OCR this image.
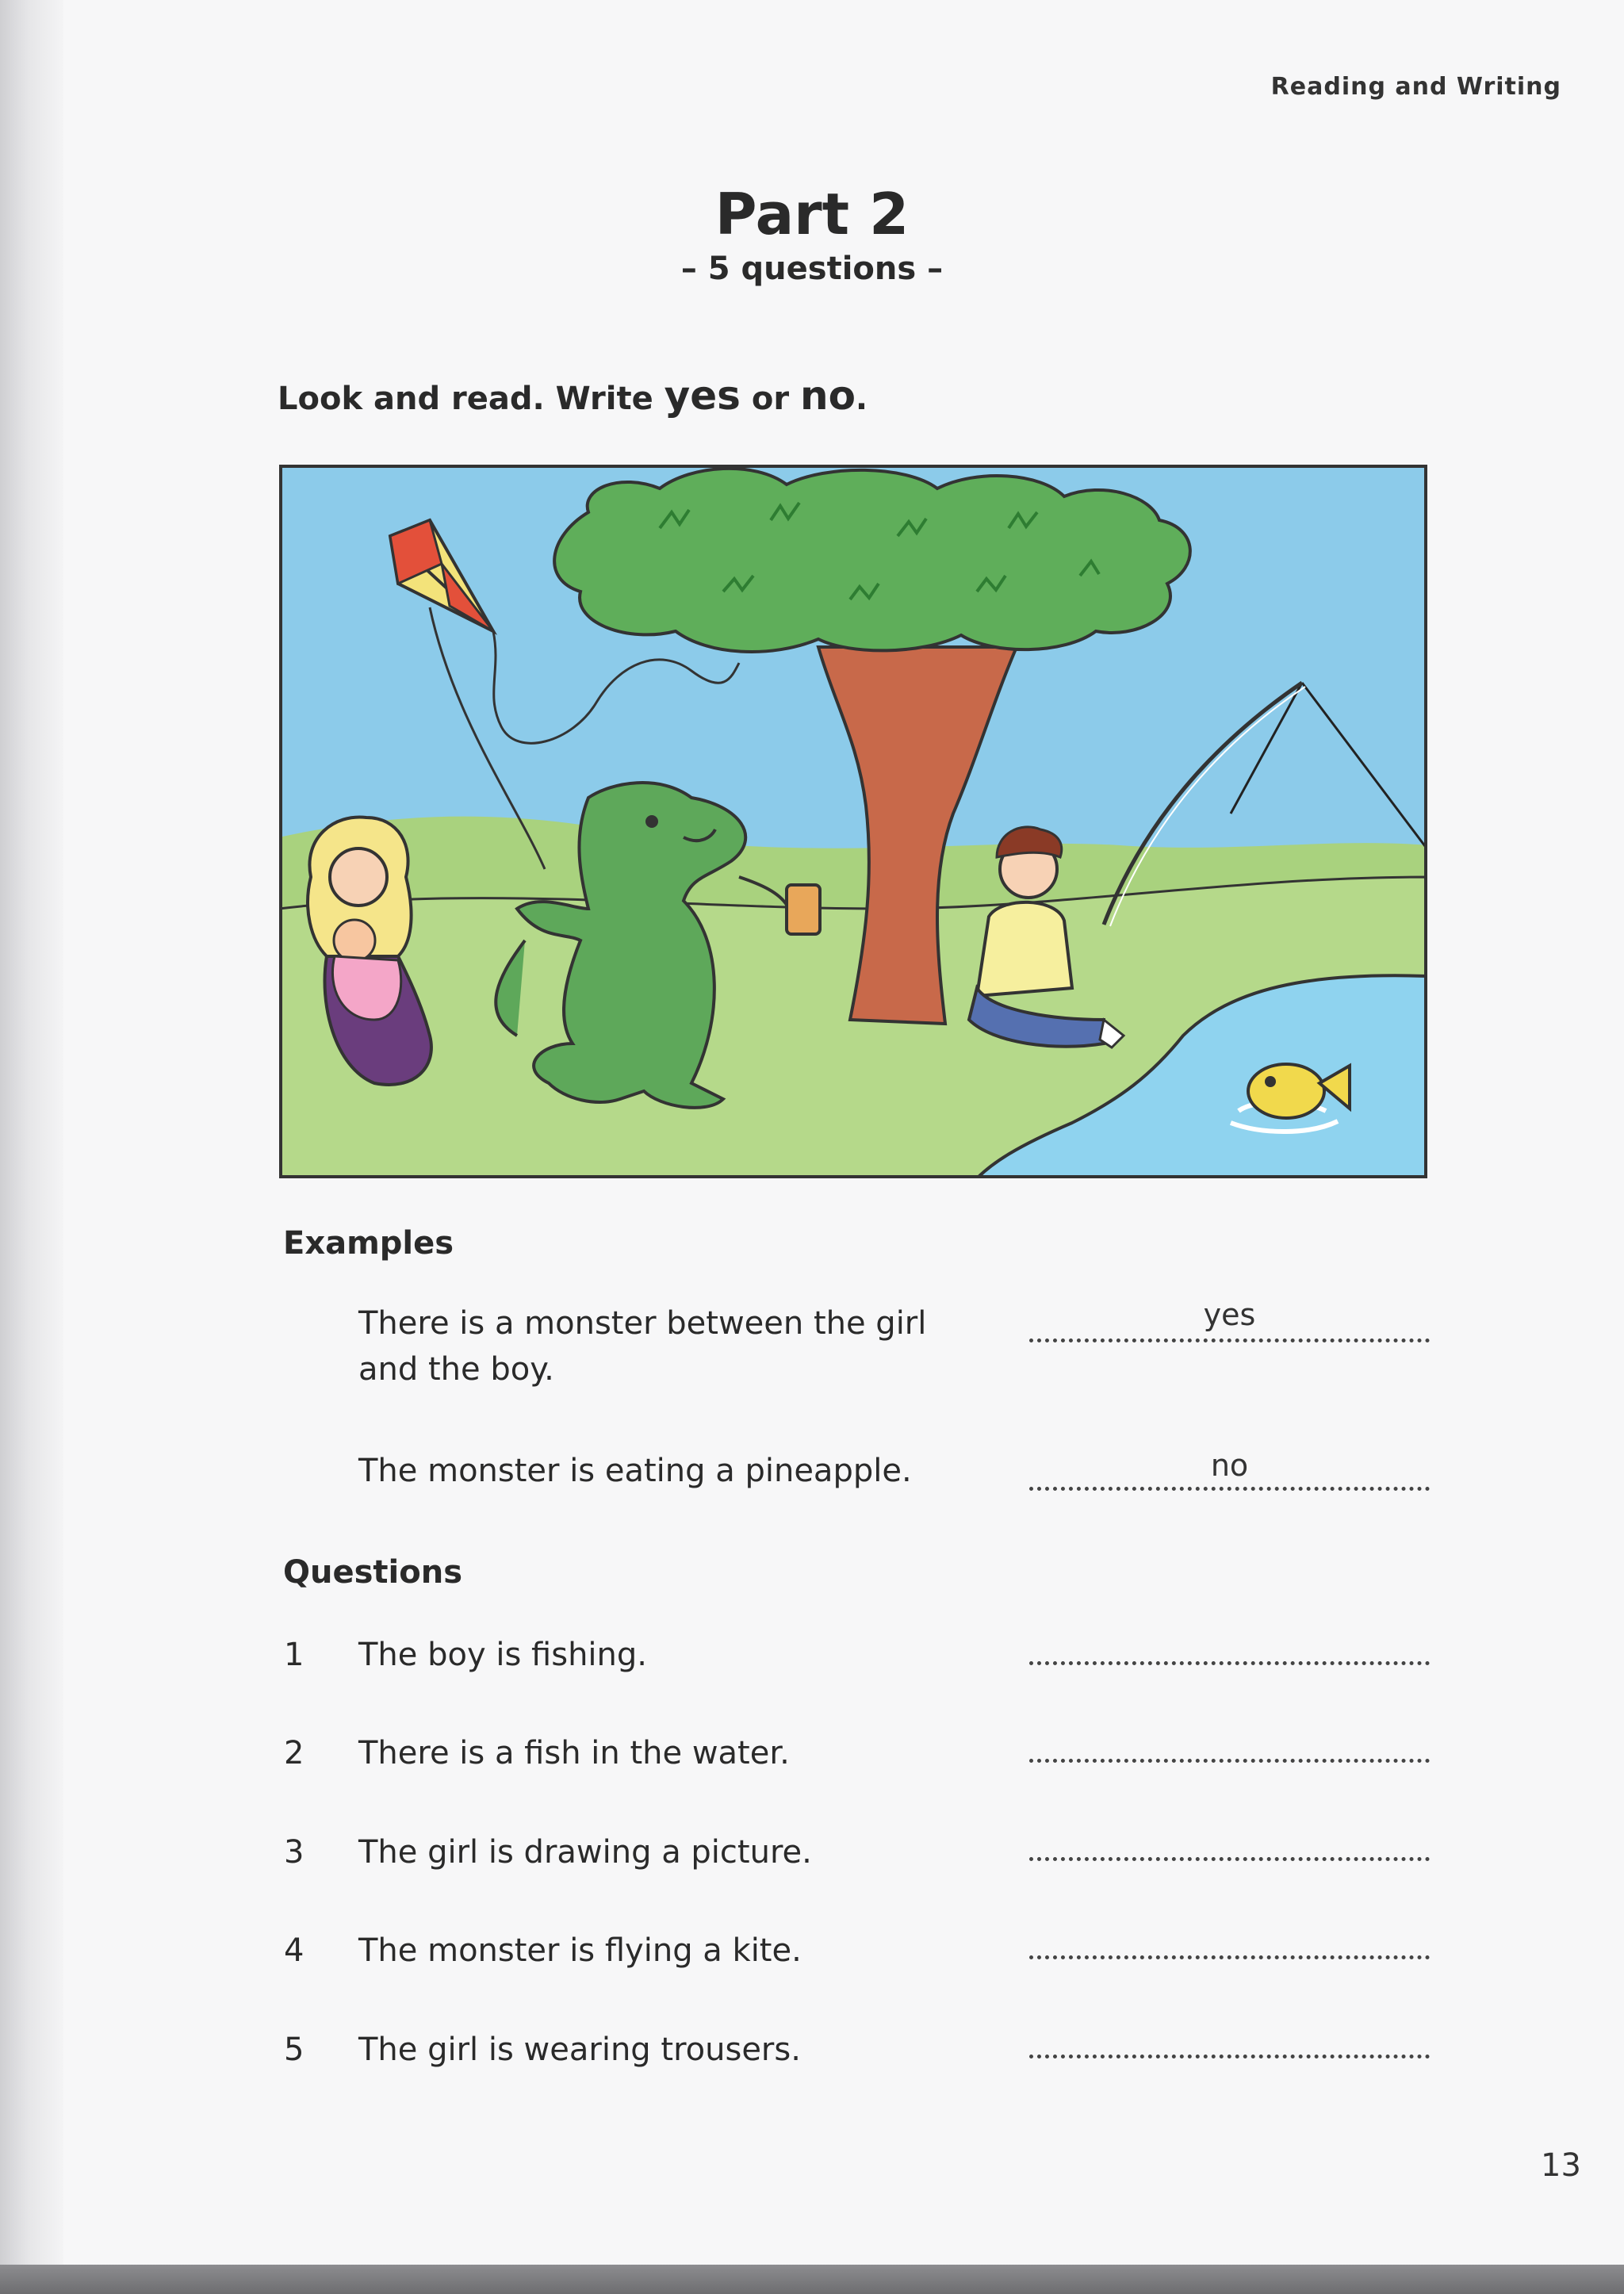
Reading and Writing
Part 2
– 5 questions –
Look and read. Write yes or no.
Examples
There is a monster between the girl
and the boy.
yes
The monster is eating a pineapple.	no
Questions
1 The boy is fishing.
2 There is a fish in the water.
3 The girl is drawing a picture.
4 The monster is flying a kite.
5 The girl is wearing trousers.
13
